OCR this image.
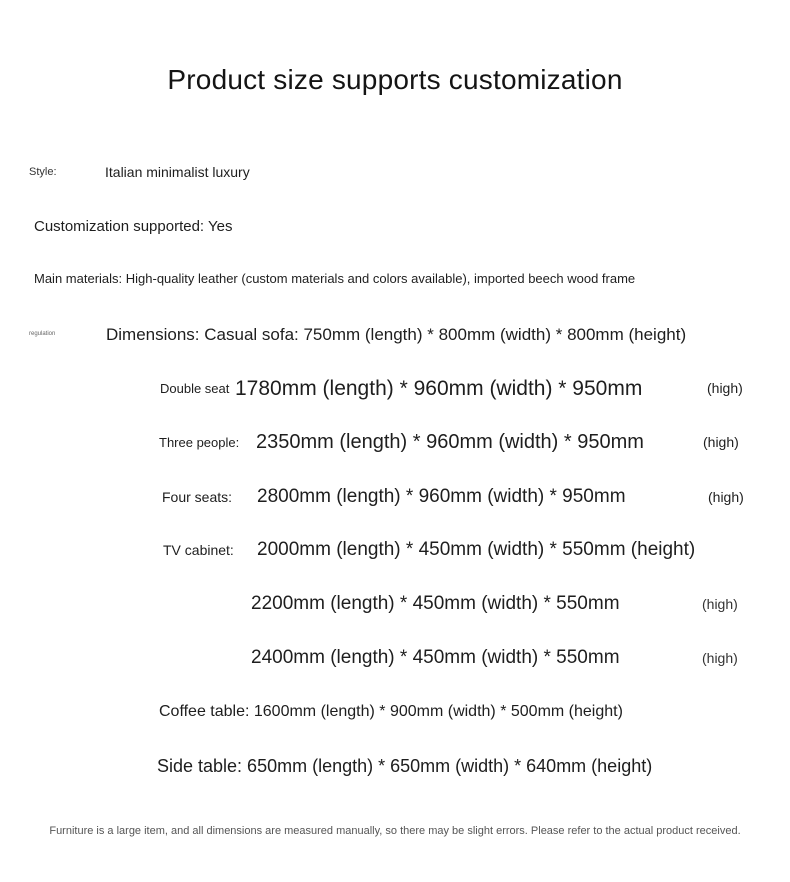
Product size supports customization
Style:	Italian minimalist luxury
Customization supported: Yes
Main materials: High-quality leather (custom materials and colors available), imported beech wood frame
regulation	Dimensions: Casual sofa: 750mm (length) * 800mm (width) * 800mm (height)
Double seat 1780mm (length) * 960mm (width) * 950mm	(high)
Three people: 2350mm (length) * 960mm (width) * 950mm	(high)
Four seats: 2800mm (length) * 960mm (width) * 950mm	(high)
TV cabinet: 2000mm (length) * 450mm (width) * 550mm (height)
2200mm (length) * 450mm (width) * 550mm	(high)
2400mm (length) * 450mm (width) * 550mm	(high)
Coffee table: 1600mm (length) * 900mm (width) * 500mm (height)
Side table: 650mm (length) * 650mm (width) * 640mm (height)
Furniture is a large item, and all dimensions are measured manually, so there may be slight errors. Please refer to the actual product received.
